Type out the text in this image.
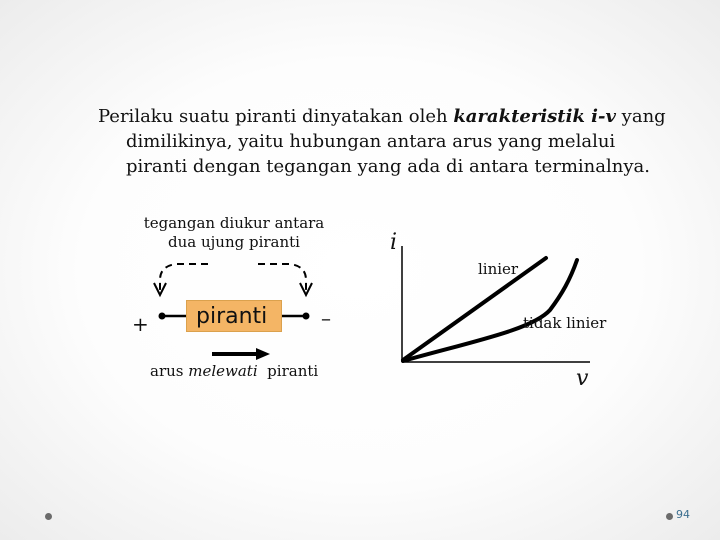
Perilaku suatu piranti dinyatakan oleh karakteristik i-v yang
dimilikinya, yaitu hubungan antara arus yang melalui
piranti dengan tegangan yang ada di antara terminalnya.

tegangan diukur antara
dua ujung piranti
+	–
piranti
arus melewati  piranti
i
v
linier
tidak linier
94
